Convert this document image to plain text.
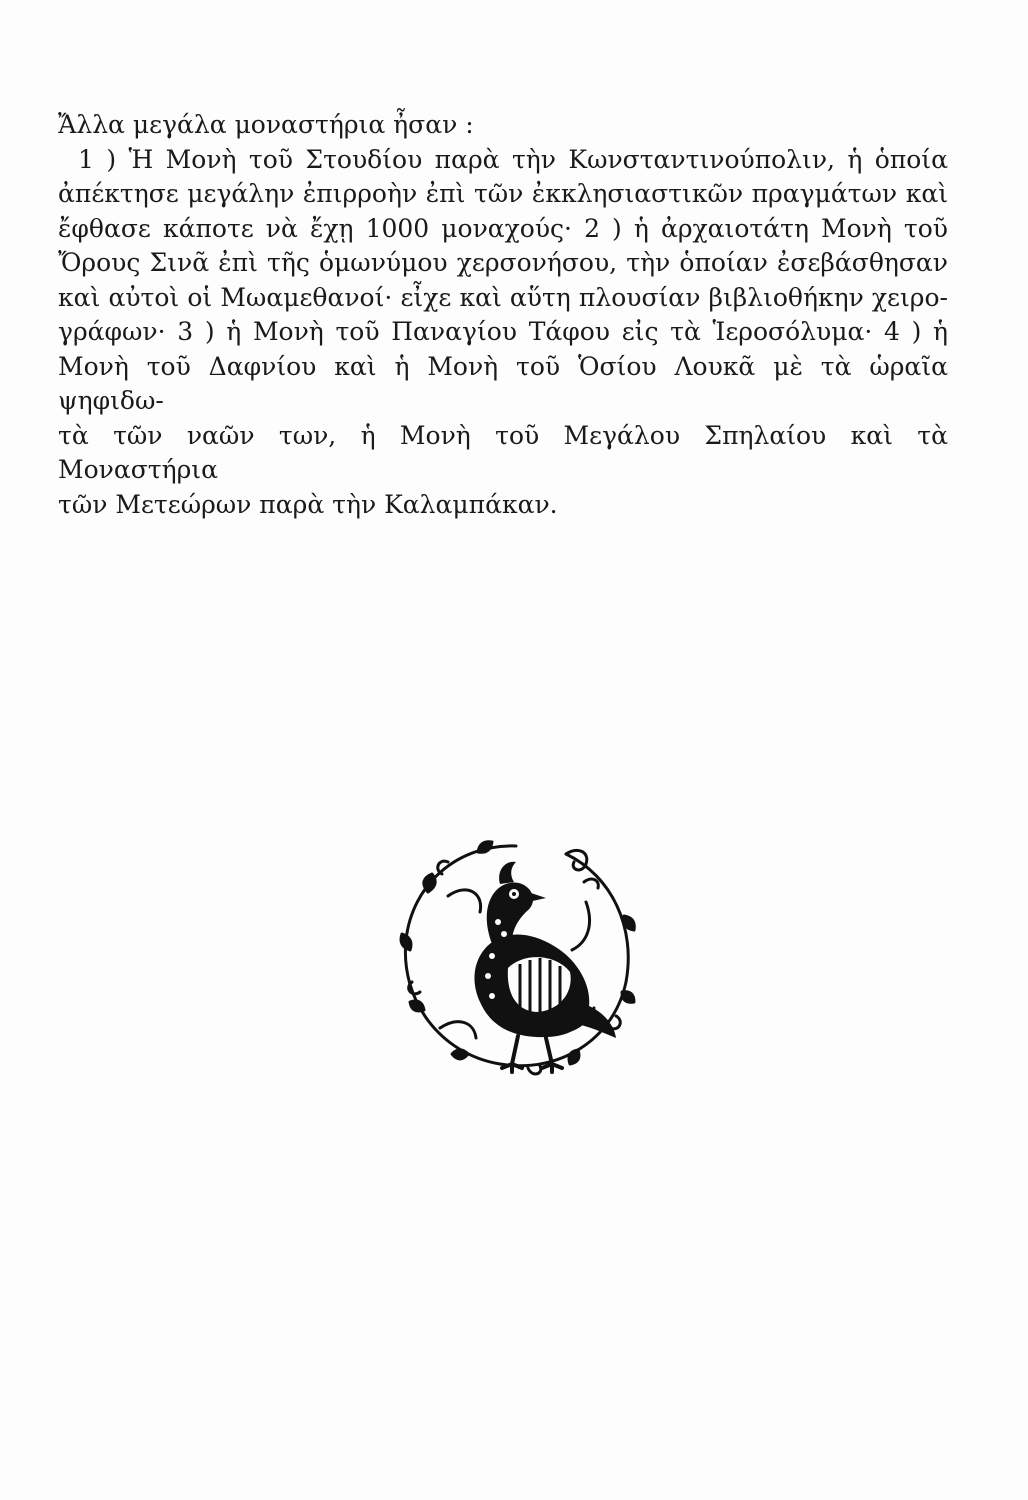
Ἄλλα μεγάλα μοναστήρια ἦσαν :
1 ) Ἡ Μονὴ τοῦ Στουδίου παρὰ τὴν Κωνσταντινούπολιν, ἡ ὁποία
ἀπέκτησε μεγάλην ἐπιρροὴν ἐπὶ τῶν ἐκκλησιαστικῶν πραγμάτων καὶ
ἔφθασε κάποτε νὰ ἔχῃ 1000 μοναχούς· 2 ) ἡ ἀρχαιοτάτη Μονὴ τοῦ
Ὄρους Σινᾶ ἐπὶ τῆς ὁμωνύμου χερσονήσου, τὴν ὁποίαν ἐσεβάσθησαν
καὶ αὐτοὶ οἱ Μωαμεθανοί· εἶχε καὶ αὕτη πλουσίαν βιβλιοθήκην χειρο-
γράφων· 3 ) ἡ Μονὴ τοῦ Παναγίου Τάφου εἰς τὰ Ἱεροσόλυμα· 4 ) ἡ
Μονὴ τοῦ Δαφνίου καὶ ἡ Μονὴ τοῦ Ὁσίου Λουκᾶ μὲ τὰ ὡραῖα ψηφιδω-
τὰ τῶν ναῶν των, ἡ Μονὴ τοῦ Μεγάλου Σπηλαίου καὶ τὰ Μοναστήρια
τῶν Μετεώρων παρὰ τὴν Καλαμπάκαν.
